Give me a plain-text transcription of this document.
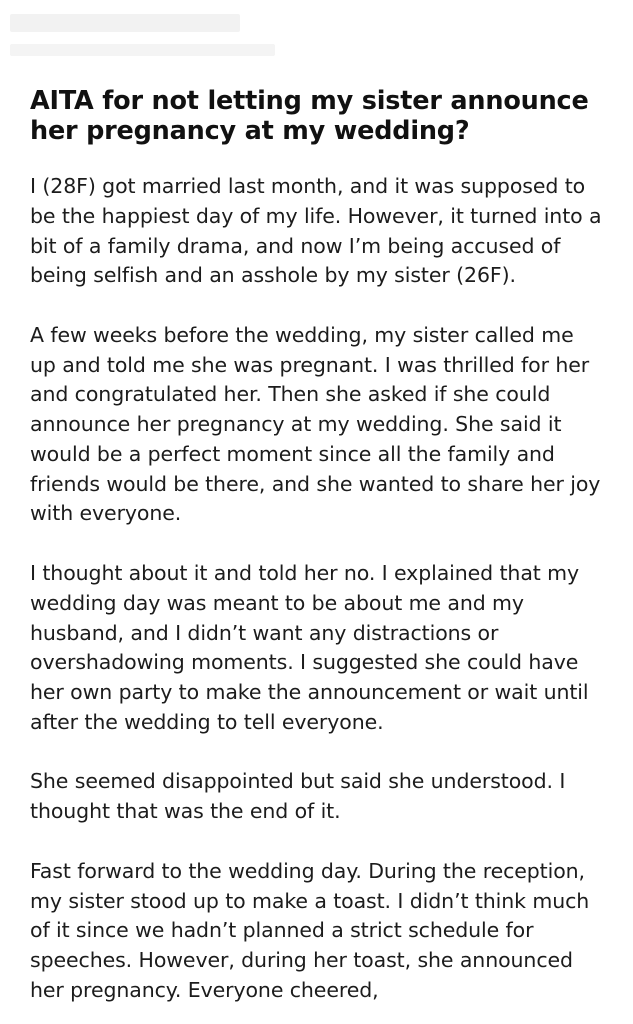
AITA for not letting my sister announce her pregnancy at my wedding?

I (28F) got married last month, and it was supposed to be the happiest day of my life. However, it turned into a bit of a family drama, and now I’m being accused of being selfish and an asshole by my sister (26F).

A few weeks before the wedding, my sister called me up and told me she was pregnant. I was thrilled for her and congratulated her. Then she asked if she could announce her pregnancy at my wedding. She said it would be a perfect moment since all the family and friends would be there, and she wanted to share her joy with everyone.

I thought about it and told her no. I explained that my wedding day was meant to be about me and my husband, and I didn’t want any distractions or overshadowing moments. I suggested she could have her own party to make the announcement or wait until after the wedding to tell everyone.

She seemed disappointed but said she understood. I thought that was the end of it.

Fast forward to the wedding day. During the reception, my sister stood up to make a toast. I didn’t think much of it since we hadn’t planned a strict schedule for speeches. However, during her toast, she announced her pregnancy. Everyone cheered,
